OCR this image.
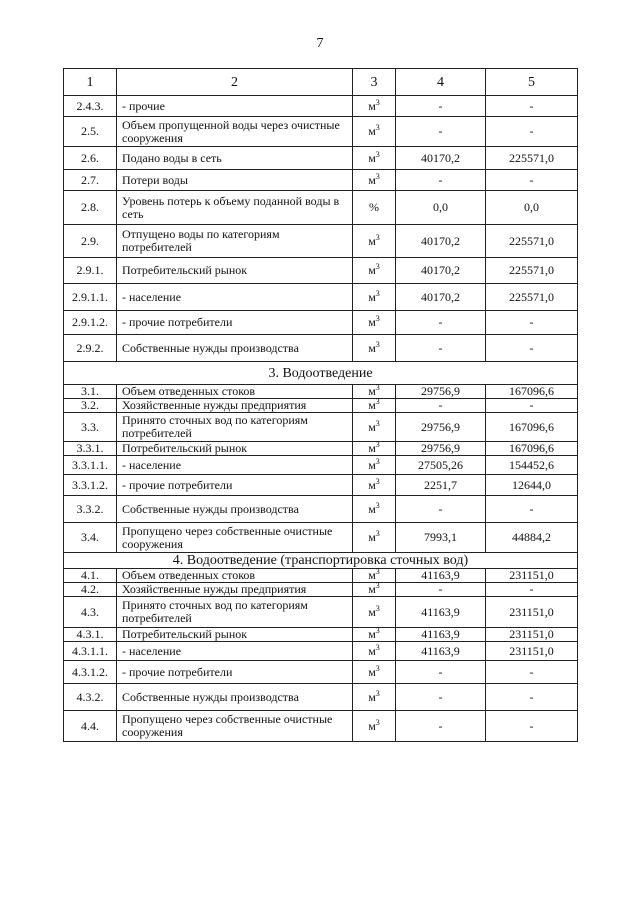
7
1	2	3	4	5
2.4.3.	- прочие	$м^3$	-	-
2.5.	Объем пропущенной воды через очистные сооружения	$м^3$	-	-
2.6.	Подано воды в сеть	$м^3$	40170,2	225571,0
2.7.	Потери воды	$м^3$	-	-
2.8.	Уровень потерь к объему поданной воды в сеть	%	0,0	0,0
2.9.	Отпущено воды по категориям потребителей	$м^3$	40170,2	225571,0
2.9.1.	Потребительский рынок	$м^3$	40170,2	225571,0
2.9.1.1.	- население	$м^3$	40170,2	225571,0
2.9.1.2.	- прочие потребители	$м^3$	-	-
2.9.2.	Собственные нужды производства	$м^3$	-	-
3. Водоотведение				
3.1.	Объем отведенных стоков	$м^3$	29756,9	167096,6
3.2.	Хозяйственные нужды предприятия	$м^3$	-	-
3.3.	Принято сточных вод по категориям потребителей	$м^3$	29756,9	167096,6
3.3.1.	Потребительский рынок	$м^3$	29756,9	167096,6
3.3.1.1.	- население	$м^3$	27505,26	154452,6
3.3.1.2.	- прочие потребители	$м^3$	2251,7	12644,0
3.3.2.	Собственные нужды производства	$м^3$	-	-
3.4.	Пропущено через собственные очистные сооружения	$м^3$	7993,1	44884,2
4. Водоотведение (транспортировка сточных вод)				
4.1.	Объем отведенных стоков	$м^3$	41163,9	231151,0
4.2.	Хозяйственные нужды предприятия	$м^3$	-	-
4.3.	Принято сточных вод по категориям потребителей	$м^3$	41163,9	231151,0
4.3.1.	Потребительский рынок	$м^3$	41163,9	231151,0
4.3.1.1.	- население	$м^3$	41163,9	231151,0
4.3.1.2.	- прочие потребители	$м^3$	-	-
4.3.2.	Собственные нужды производства	$м^3$	-	-
4.4.	Пропущено через собственные очистные сооружения	$м^3$	-	-
